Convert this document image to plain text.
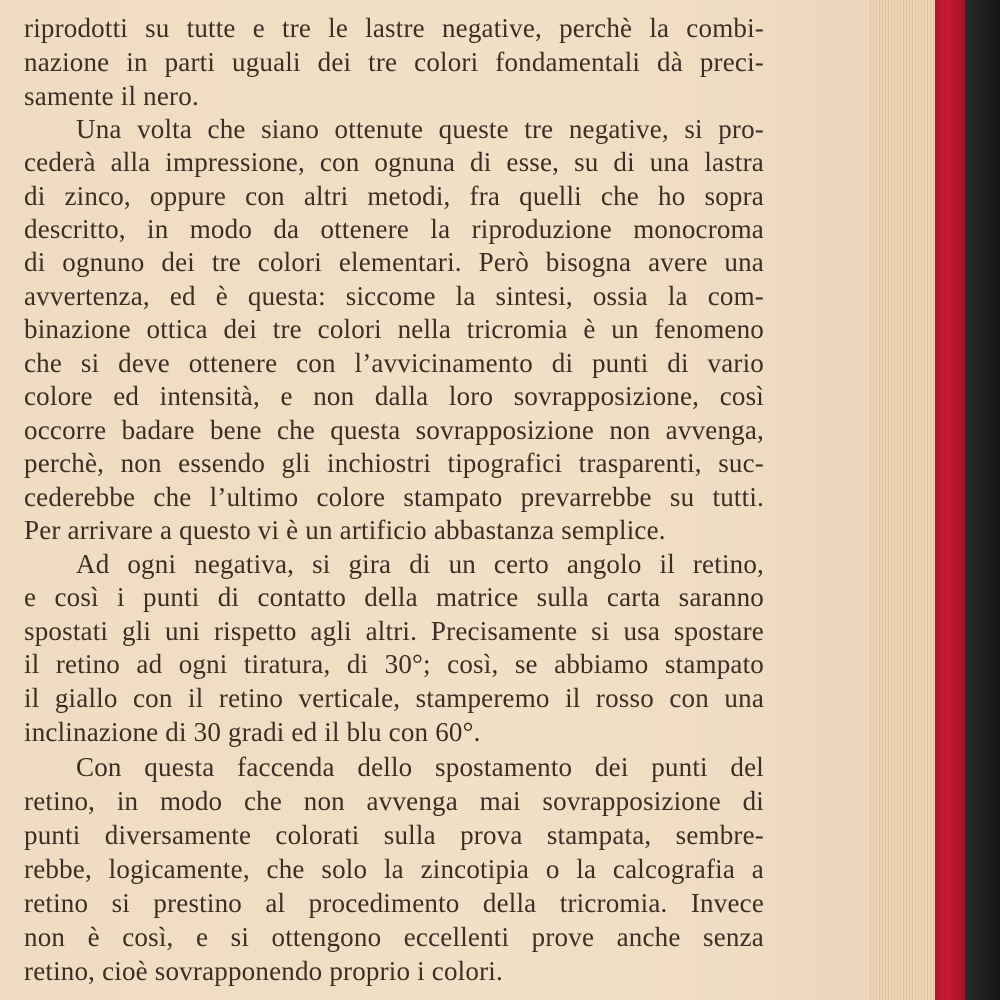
riprodotti su tutte e tre le lastre negative, perchè la combi-
nazione in parti uguali dei tre colori fondamentali dà preci-
samente il nero.
Una volta che siano ottenute queste tre negative, si pro-
cederà alla impressione, con ognuna di esse, su di una lastra
di zinco, oppure con altri metodi, fra quelli che ho sopra
descritto, in modo da ottenere la riproduzione monocroma
di ognuno dei tre colori elementari. Però bisogna avere una
avvertenza, ed è questa: siccome la sintesi, ossia la com-
binazione ottica dei tre colori nella tricromia è un fenomeno
che si deve ottenere con l’avvicinamento di punti di vario
colore ed intensità, e non dalla loro sovrapposizione, così
occorre badare bene che questa sovrapposizione non avvenga,
perchè, non essendo gli inchiostri tipografici trasparenti, suc-
cederebbe che l’ultimo colore stampato prevarrebbe su tutti.
Per arrivare a questo vi è un artificio abbastanza semplice.
Ad ogni negativa, si gira di un certo angolo il retino,
e così i punti di contatto della matrice sulla carta saranno
spostati gli uni rispetto agli altri. Precisamente si usa spostare
il retino ad ogni tiratura, di 30°; così, se abbiamo stampato
il giallo con il retino verticale, stamperemo il rosso con una
inclinazione di 30 gradi ed il blu con 60°.
Con questa faccenda dello spostamento dei punti del
retino, in modo che non avvenga mai sovrapposizione di
punti diversamente colorati sulla prova stampata, sembre-
rebbe, logicamente, che solo la zincotipia o la calcografia a
retino si prestino al procedimento della tricromia. Invece
non è così, e si ottengono eccellenti prove anche senza
retino, cioè sovrapponendo proprio i colori.
